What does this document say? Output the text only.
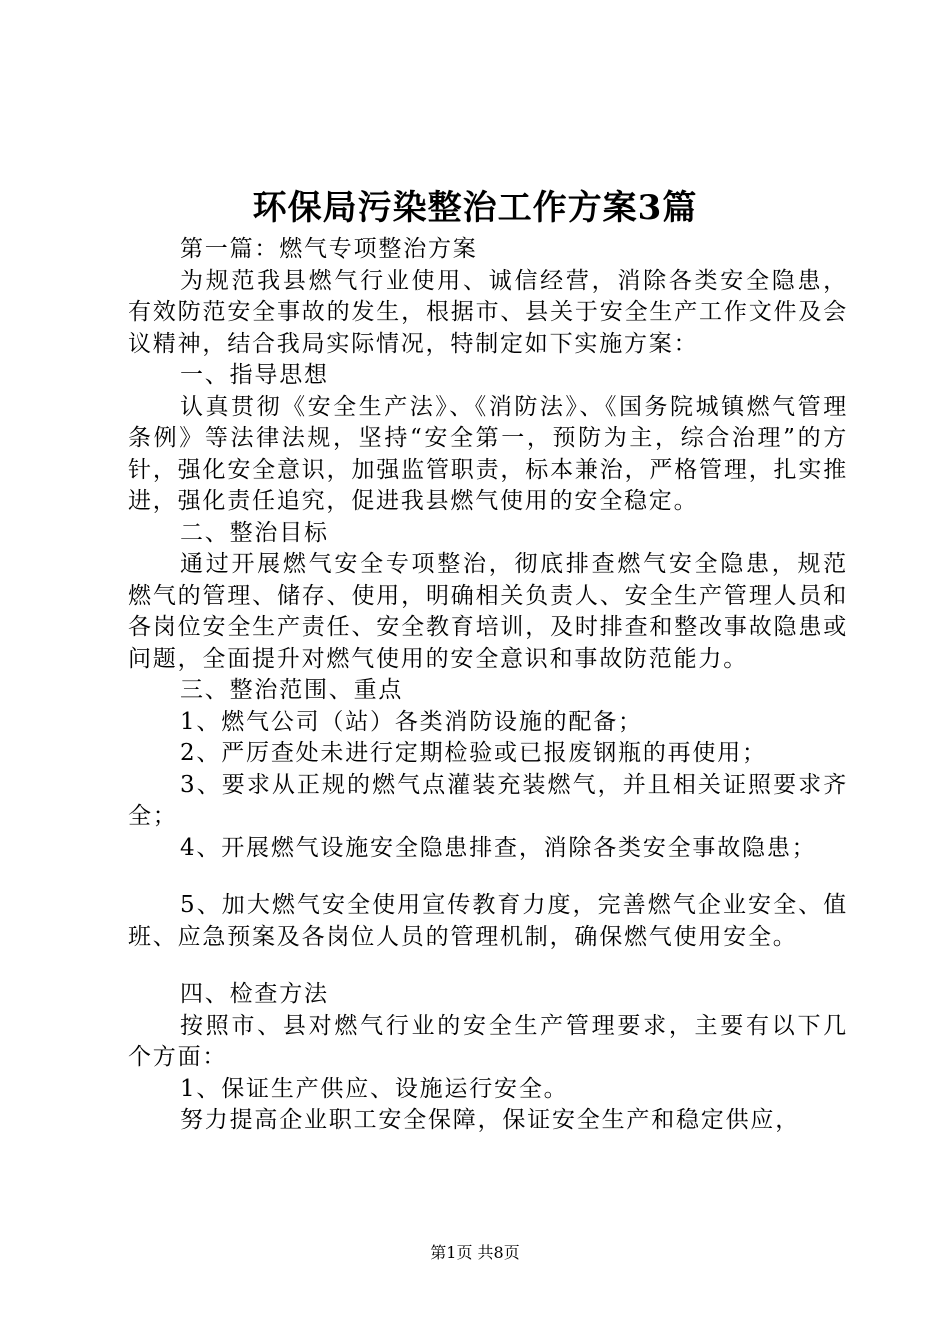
环保局污染整治工作方案3篇

第一篇：燃气专项整治方案

为规范我县燃气行业使用、诚信经营，消除各类安全隐患，有效防范安全事故的发生，根据市、县关于安全生产工作文件及会议精神，结合我局实际情况，特制定如下实施方案：

一、指导思想

认真贯彻《安全生产法》、《消防法》、《国务院城镇燃气管理条例》等法律法规，坚持“安全第一，预防为主，综合治理”的方针，强化安全意识，加强监管职责，标本兼治，严格管理，扎实推进，强化责任追究，促进我县燃气使用的安全稳定。

二、整治目标

通过开展燃气安全专项整治，彻底排查燃气安全隐患，规范燃气的管理、储存、使用，明确相关负责人、安全生产管理人员和各岗位安全生产责任、安全教育培训，及时排查和整改事故隐患或问题，全面提升对燃气使用的安全意识和事故防范能力。

三、整治范围、重点

1、燃气公司（站）各类消防设施的配备；

2、严厉查处未进行定期检验或已报废钢瓶的再使用；

3、要求从正规的燃气点灌装充装燃气，并且相关证照要求齐全；

4、开展燃气设施安全隐患排查，消除各类安全事故隐患；

5、加大燃气安全使用宣传教育力度，完善燃气企业安全、值班、应急预案及各岗位人员的管理机制，确保燃气使用安全。

四、检查方法

按照市、县对燃气行业的安全生产管理要求，主要有以下几个方面：

1、保证生产供应、设施运行安全。

努力提高企业职工安全保障，保证安全生产和稳定供应，

第1页 共8页
